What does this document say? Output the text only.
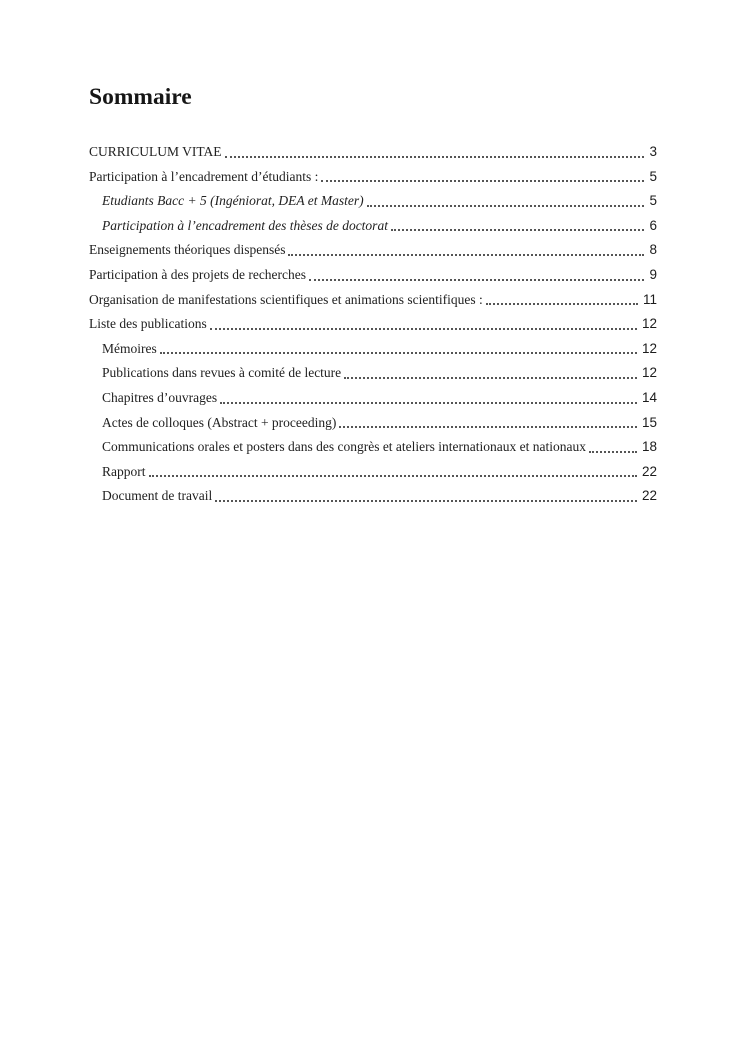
Sommaire
CURRICULUM VITAE	3
Participation à l’encadrement d’étudiants :	5
Etudiants Bacc + 5 (Ingéniorat, DEA et Master)	5
Participation à l’encadrement des thèses de doctorat	6
Enseignements théoriques dispensés	8
Participation à des projets de recherches	9
Organisation de manifestations scientifiques et animations scientifiques :	11
Liste des publications	12
Mémoires	12
Publications dans revues à comité de lecture	12
Chapitres d’ouvrages	14
Actes de colloques (Abstract + proceeding)	15
Communications orales et posters dans des congrès et ateliers internationaux et nationaux	18
Rapport	22
Document de travail	22
